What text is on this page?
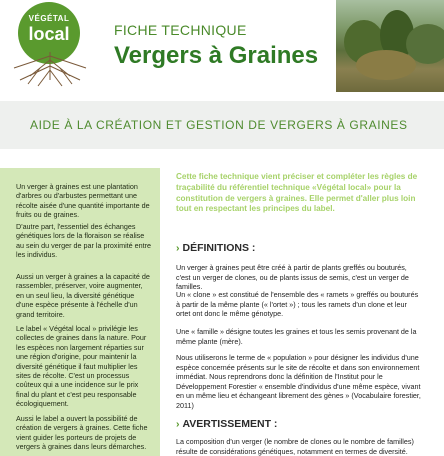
VÉGÉTAL
local	FICHE TECHNIQUE
Vergers à Graines
AIDE À LA CRÉATION ET GESTION DE VERGERS À GRAINES

Un verger à graines est une plantation d'arbres ou d'arbustes permettant une récolte aisée d'une quantité importante de fruits ou de graines.

D'autre part, l'essentiel des échanges génétiques lors de la floraison se réalise au sein du verger de par la proximité entre les individus.

Aussi un verger à graines a la capacité de rassembler, préserver, voire augmenter, en un seul lieu, la diversité génétique d'une espèce présente à l'échelle d'un grand territoire.

Le label « Végétal local » privilégie les collectes de graines dans la nature. Pour les espèces non largement réparties sur une région d'origine, pour maintenir la diversité génétique il faut multiplier les sites de récolte. C'est un processus coûteux qui a une incidence sur le prix final du plant et c'est peu responsable écologiquement.

Aussi le label a ouvert la possibilité de création de vergers à graines. Cette fiche vient guider les porteurs de projets de vergers à graines dans leurs démarches.

Cette fiche technique vient préciser et compléter les règles de traçabilité du référentiel technique «Végétal local» pour la constitution de vergers à graines. Elle permet d'aller plus loin tout en respectant les principes du label.
› DÉFINITIONS :

Un verger à graines peut être créé à partir de plants greffés ou bouturés, c'est un verger de clones, ou de plants issus de semis, c'est un verger de familles.

Un « clone » est constitué de l'ensemble des « ramets » greffés ou bouturés à partir de la même plante (« l'ortet ») ; tous les ramets d'un clone et leur ortet ont donc le même génotype.

Une « famille » désigne toutes les graines et tous les semis provenant de la même plante (mère).

Nous utiliserons le terme de « population » pour désigner les individus d'une espèce concernée présents sur le site de récolte et dans son environnement immédiat. Nous reprendrons donc la définition de l'Institut pour le Développement Forestier « ensemble d'individus d'une même espèce, vivant en un même lieu et échangeant librement des gènes » (Vocabulaire forestier, 2011)

› AVERTISSEMENT :

La composition d'un verger (le nombre de clones ou le nombre de familles) résulte de considérations génétiques, notamment en termes de diversité.
